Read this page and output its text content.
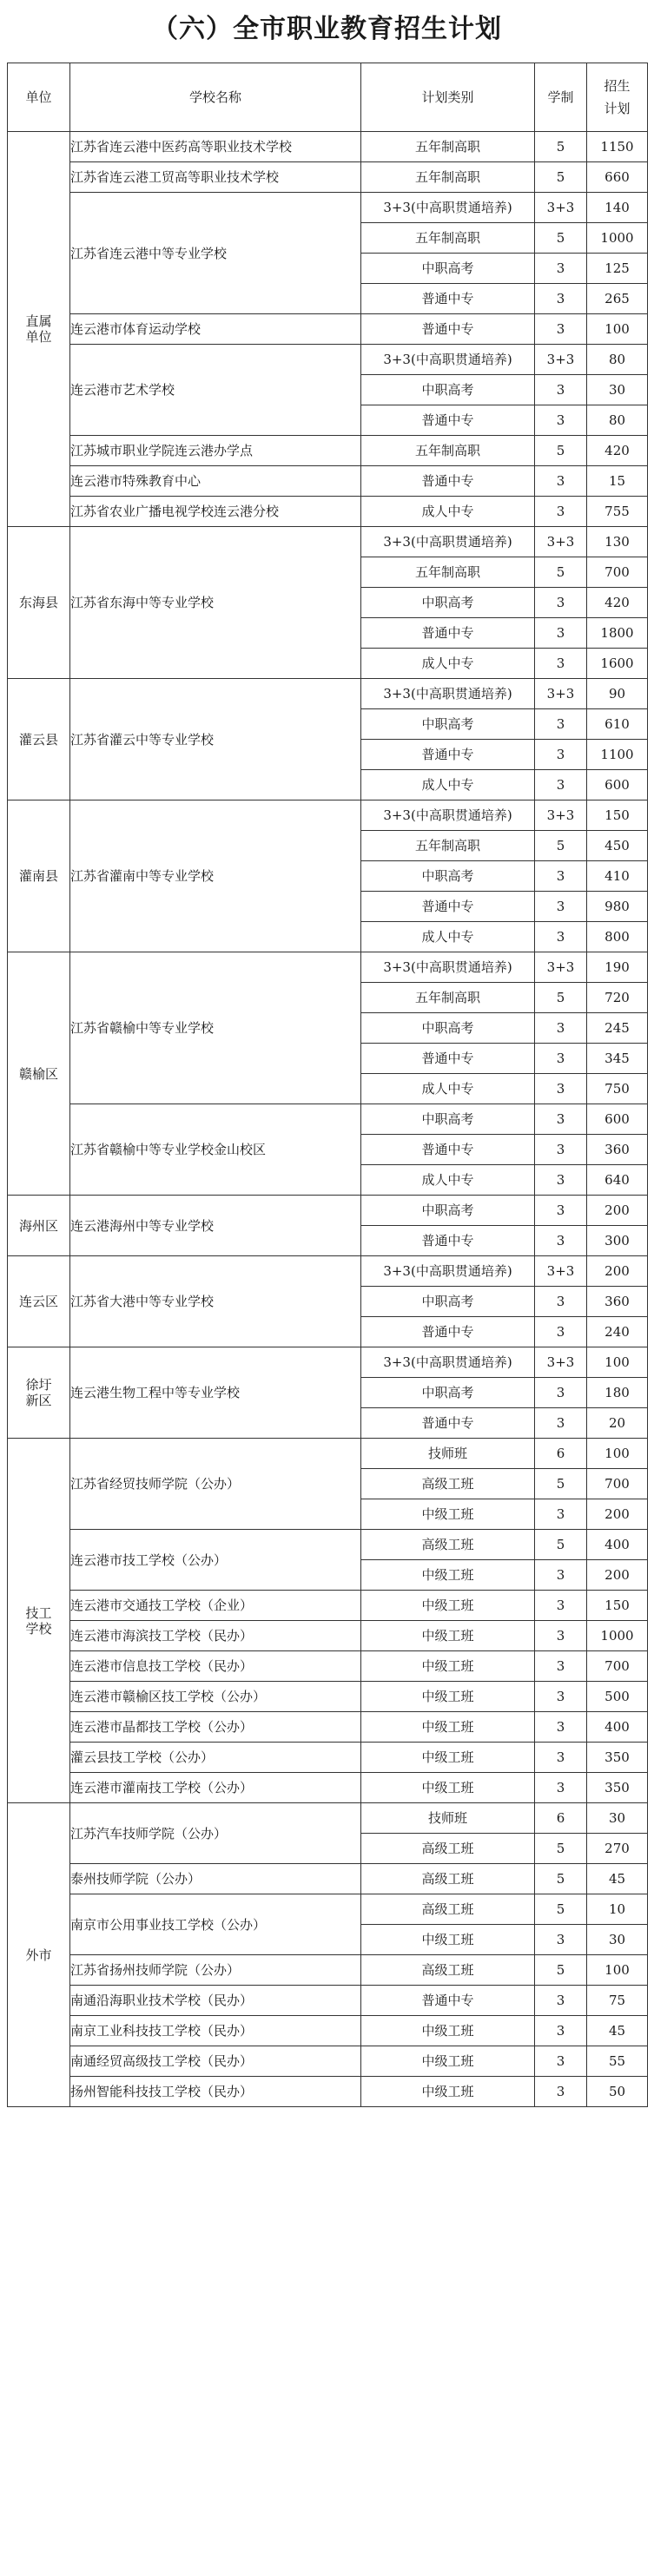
（六）全市职业教育招生计划
单位	学校名称	计划类别	学制	招生
计划
直属
单位	江苏省连云港中医药高等职业技术学校	五年制高职	5	1150
	江苏省连云港工贸高等职业技术学校	五年制高职	5	660
	江苏省连云港中等专业学校	3+3(中高职贯通培养)	3+3	140
		五年制高职	5	1000
		中职高考	3	125
		普通中专	3	265
	连云港市体育运动学校	普通中专	3	100
	连云港市艺术学校	3+3(中高职贯通培养)	3+3	80
		中职高考	3	30
		普通中专	3	80
	江苏城市职业学院连云港办学点	五年制高职	5	420
	连云港市特殊教育中心	普通中专	3	15
	江苏省农业广播电视学校连云港分校	成人中专	3	755
东海县	江苏省东海中等专业学校	3+3(中高职贯通培养)	3+3	130
		五年制高职	5	700
		中职高考	3	420
		普通中专	3	1800
		成人中专	3	1600
灌云县	江苏省灌云中等专业学校	3+3(中高职贯通培养)	3+3	90
		中职高考	3	610
		普通中专	3	1100
		成人中专	3	600
灌南县	江苏省灌南中等专业学校	3+3(中高职贯通培养)	3+3	150
		五年制高职	5	450
		中职高考	3	410
		普通中专	3	980
		成人中专	3	800
赣榆区	江苏省赣榆中等专业学校	3+3(中高职贯通培养)	3+3	190
		五年制高职	5	720
		中职高考	3	245
		普通中专	3	345
		成人中专	3	750
	江苏省赣榆中等专业学校金山校区	中职高考	3	600
		普通中专	3	360
		成人中专	3	640
海州区	连云港海州中等专业学校	中职高考	3	200
		普通中专	3	300
连云区	江苏省大港中等专业学校	3+3(中高职贯通培养)	3+3	200
		中职高考	3	360
		普通中专	3	240
徐圩
新区	连云港生物工程中等专业学校	3+3(中高职贯通培养)	3+3	100
		中职高考	3	180
		普通中专	3	20
技工
学校	江苏省经贸技师学院（公办）	技师班	6	100
		高级工班	5	700
		中级工班	3	200
	连云港市技工学校（公办）	高级工班	5	400
		中级工班	3	200
	连云港市交通技工学校（企业）	中级工班	3	150
	连云港市海滨技工学校（民办）	中级工班	3	1000
	连云港市信息技工学校（民办）	中级工班	3	700
	连云港市赣榆区技工学校（公办）	中级工班	3	500
	连云港市晶都技工学校（公办）	中级工班	3	400
	灌云县技工学校（公办）	中级工班	3	350
	连云港市灌南技工学校（公办）	中级工班	3	350
外市	江苏汽车技师学院（公办）	技师班	6	30
		高级工班	5	270
	泰州技师学院（公办）	高级工班	5	45
	南京市公用事业技工学校（公办）	高级工班	5	10
		中级工班	3	30
	江苏省扬州技师学院（公办）	高级工班	5	100
	南通沿海职业技术学校（民办）	普通中专	3	75
	南京工业科技技工学校（民办）	中级工班	3	45
	南通经贸高级技工学校（民办）	中级工班	3	55
	扬州智能科技技工学校（民办）	中级工班	3	50
